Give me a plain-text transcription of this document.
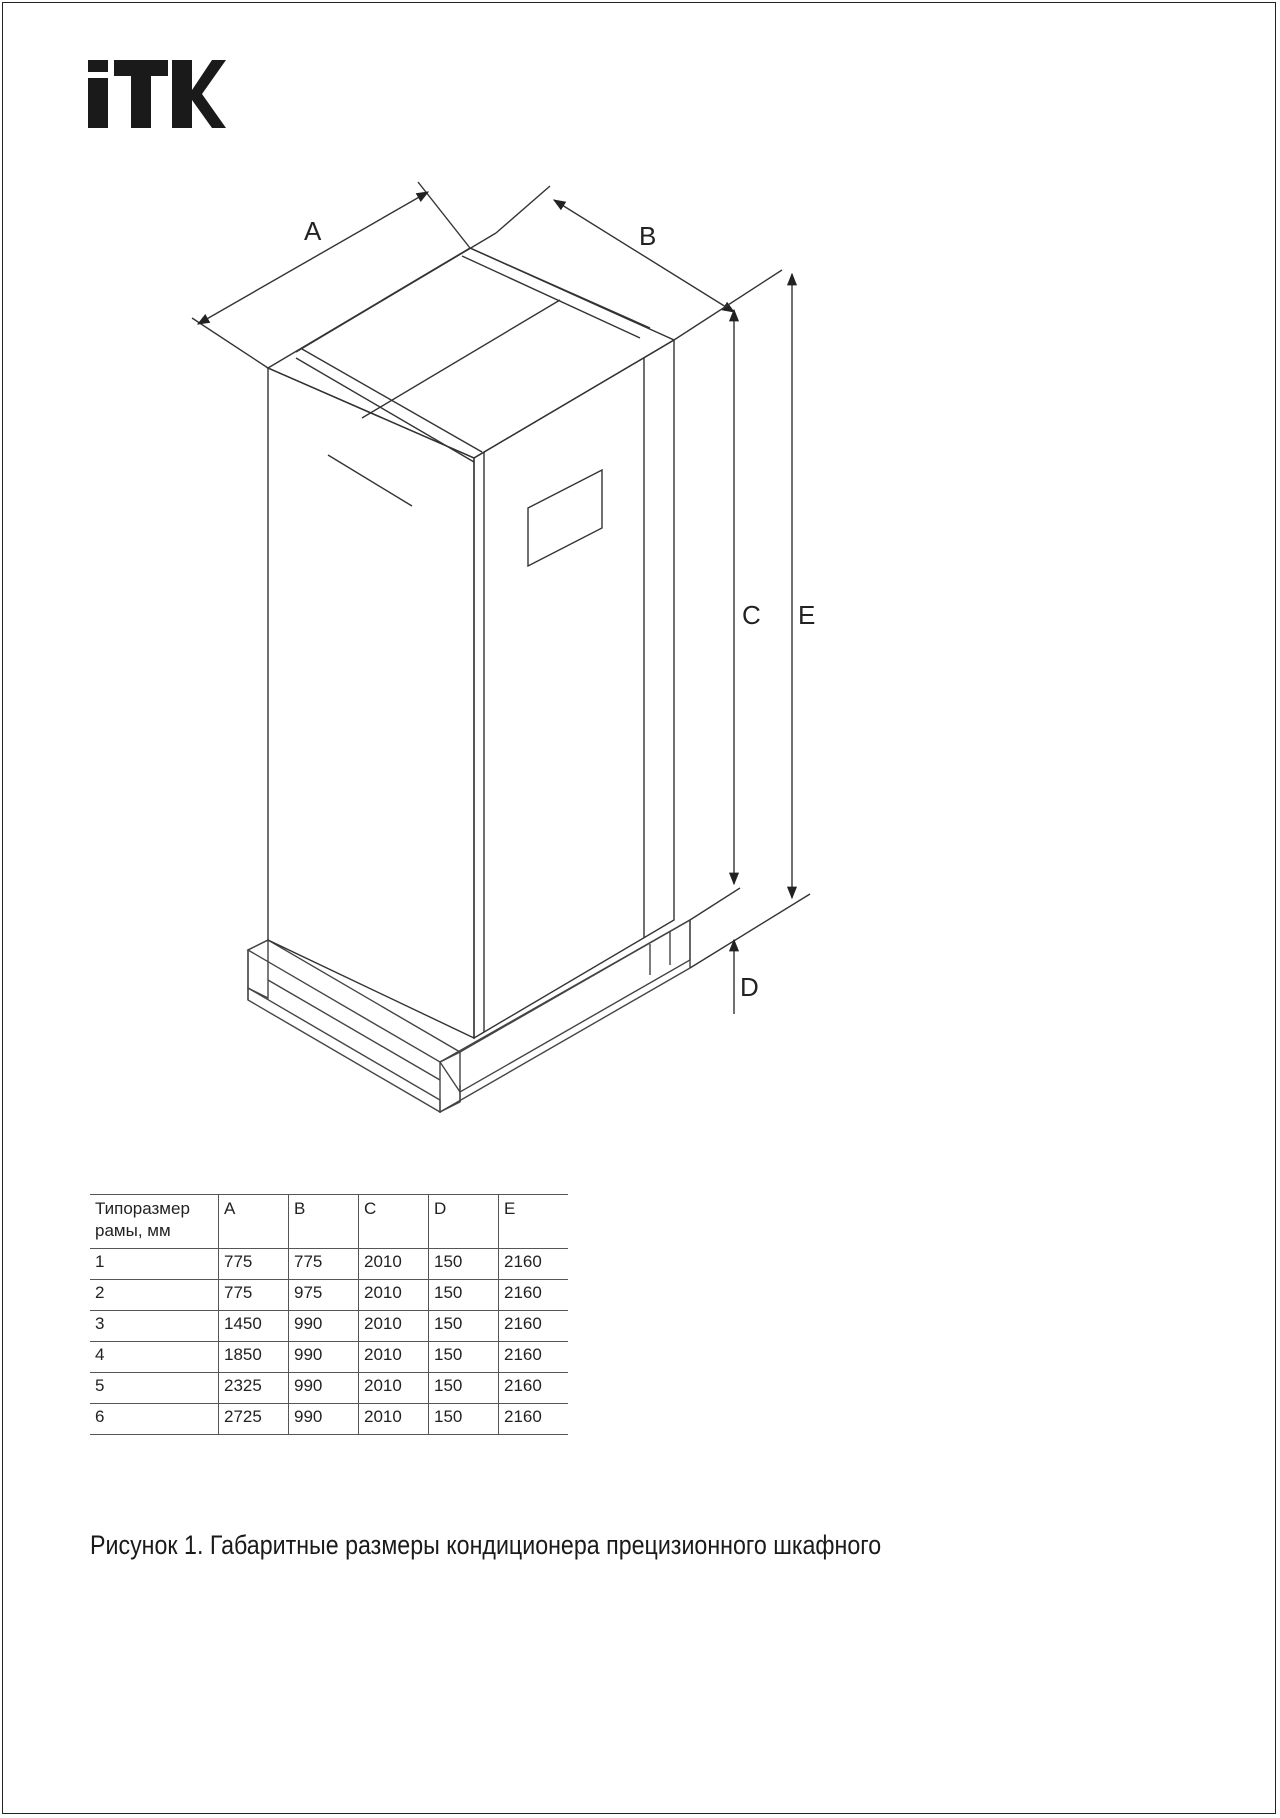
A	B
C E
D
Типоразмер рамы, мм	A	B	C	D	E
1	775	775	2010	150	2160
2	775	975	2010	150	2160
3	1450	990	2010	150	2160
4	1850	990	2010	150	2160
5	2325	990	2010	150	2160
6	2725	990	2010	150	2160
Рисунок 1. Габаритные размеры кондиционера прецизионного шкафного
